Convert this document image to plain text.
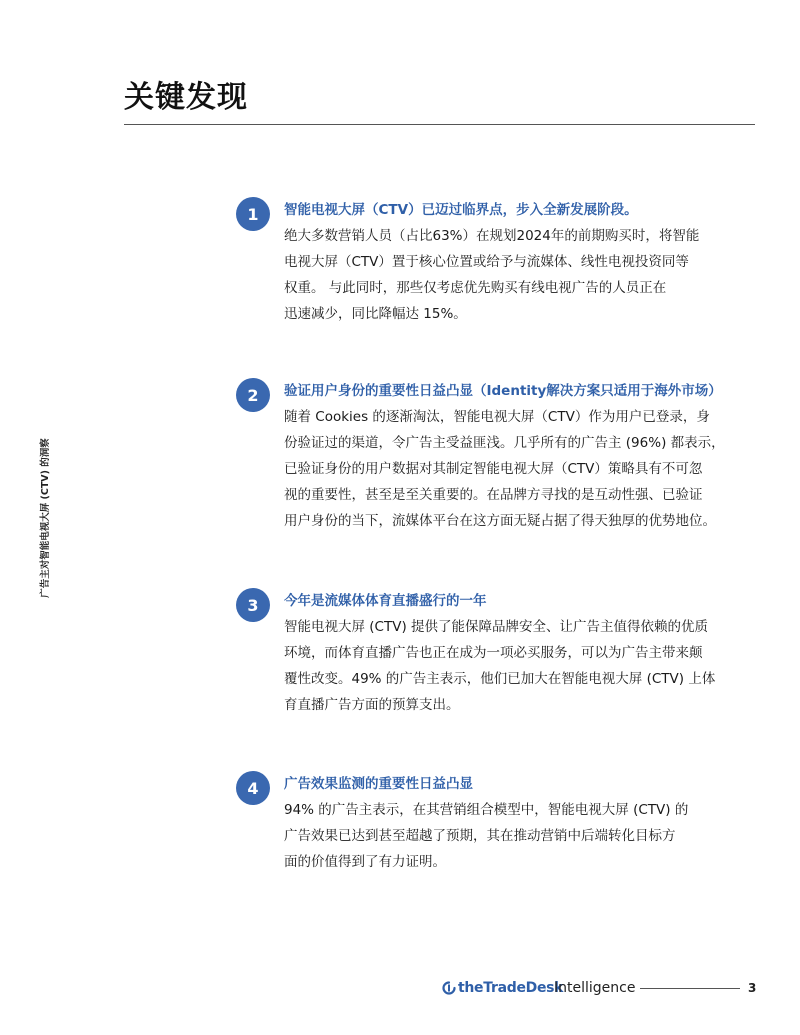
关键发现
广告主对智能电视大屏 (CTV) 的洞察
1	智能电视大屏（CTV）已迈过临界点，步入全新发展阶段。

绝大多数营销人员（占比63%）在规划2024年的前期购买时，将智能
电视大屏（CTV）置于核心位置或给予与流媒体、线性电视投资同等
权重。 与此同时，那些仅考虑优先购买有线电视广告的人员正在
迅速减少，同比降幅达 15%。

2	验证用户身份的重要性日益凸显（Identity解决方案只适用于海外市场）

随着 Cookies 的逐渐淘汰，智能电视大屏（CTV）作为用户已登录，身
份验证过的渠道，令广告主受益匪浅。几乎所有的广告主 (96%) 都表示，
已验证身份的用户数据对其制定智能电视大屏（CTV）策略具有不可忽
视的重要性，甚至是至关重要的。在品牌方寻找的是互动性强、已验证
用户身份的当下，流媒体平台在这方面无疑占据了得天独厚的优势地位。

3	今年是流媒体体育直播盛行的一年

智能电视大屏 (CTV) 提供了能保障品牌安全、让广告主值得依赖的优质
环境，而体育直播广告也正在成为一项必买服务，可以为广告主带来颠
覆性改变。49% 的广告主表示，他们已加大在智能电视大屏 (CTV) 上体
育直播广告方面的预算支出。

4	广告效果监测的重要性日益凸显

94% 的广告主表示，在其营销组合模型中，智能电视大屏 (CTV) 的
广告效果已达到甚至超越了预期，其在推动营销中后端转化目标方
面的价值得到了有力证明。

theTradeDesk
Intelligence	3
